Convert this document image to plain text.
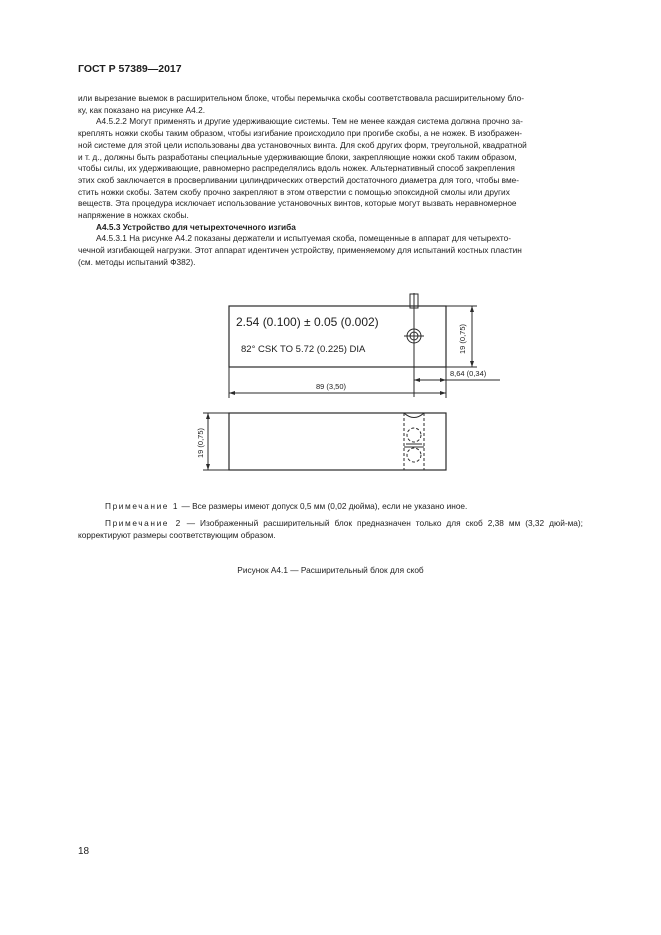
ГОСТ Р 57389—2017

или вырезание выемок в расширительном блоке, чтобы перемычка скобы соответствовала расширительному бло-

ку, как показано на рисунке А4.2.

А4.5.2.2 Могут применять и другие удерживающие системы. Тем не менее каждая система должна прочно за-

креплять ножки скобы таким образом, чтобы изгибание происходило при прогибе скобы, а не ножек. В изображен-

ной системе для этой цели использованы два установочных винта. Для скоб других форм, треугольной, квадратной

и т. д., должны быть разработаны специальные удерживающие блоки, закрепляющие ножки скоб таким образом,

чтобы силы, их удерживающие, равномерно распределялись вдоль ножек. Альтернативный способ закрепления

этих скоб заключается в просверливании цилиндрических отверстий достаточного диаметра для того, чтобы вме-

стить ножки скобы. Затем скобу прочно закрепляют в этом отверстии с помощью эпоксидной смолы или других

веществ. Эта процедура исключает использование установочных винтов, которые могут вызвать неравномерное

напряжение в ножках скобы.

А4.5.3 Устройство для четырехточечного изгиба

А4.5.3.1 На рисунке А4.2 показаны держатели и испытуемая скоба, помещенные в аппарат для четырехто-

чечной изгибающей нагрузки. Этот аппарат идентичен устройству, применяемому для испытаний костных пластин

(см. методы испытаний Ф382).

2.54 (0.100) ± 0.05 (0.002)
82° CSK TO 5.72 (0.225) DIA	19 (0,75)
8,64 (0,34)
89 (3,50)
19 (0,75)
Примечание 1 — Все размеры имеют допуск 0,5 мм (0,02 дюйма), если не указано иное.
Примечание 2 — Изображенный расширительный блок предназначен только для скоб 2,38 мм (3,32 дюй-ма); корректируют размеры соответствующим образом.
Рисунок А4.1 — Расширительный блок для скоб
18
